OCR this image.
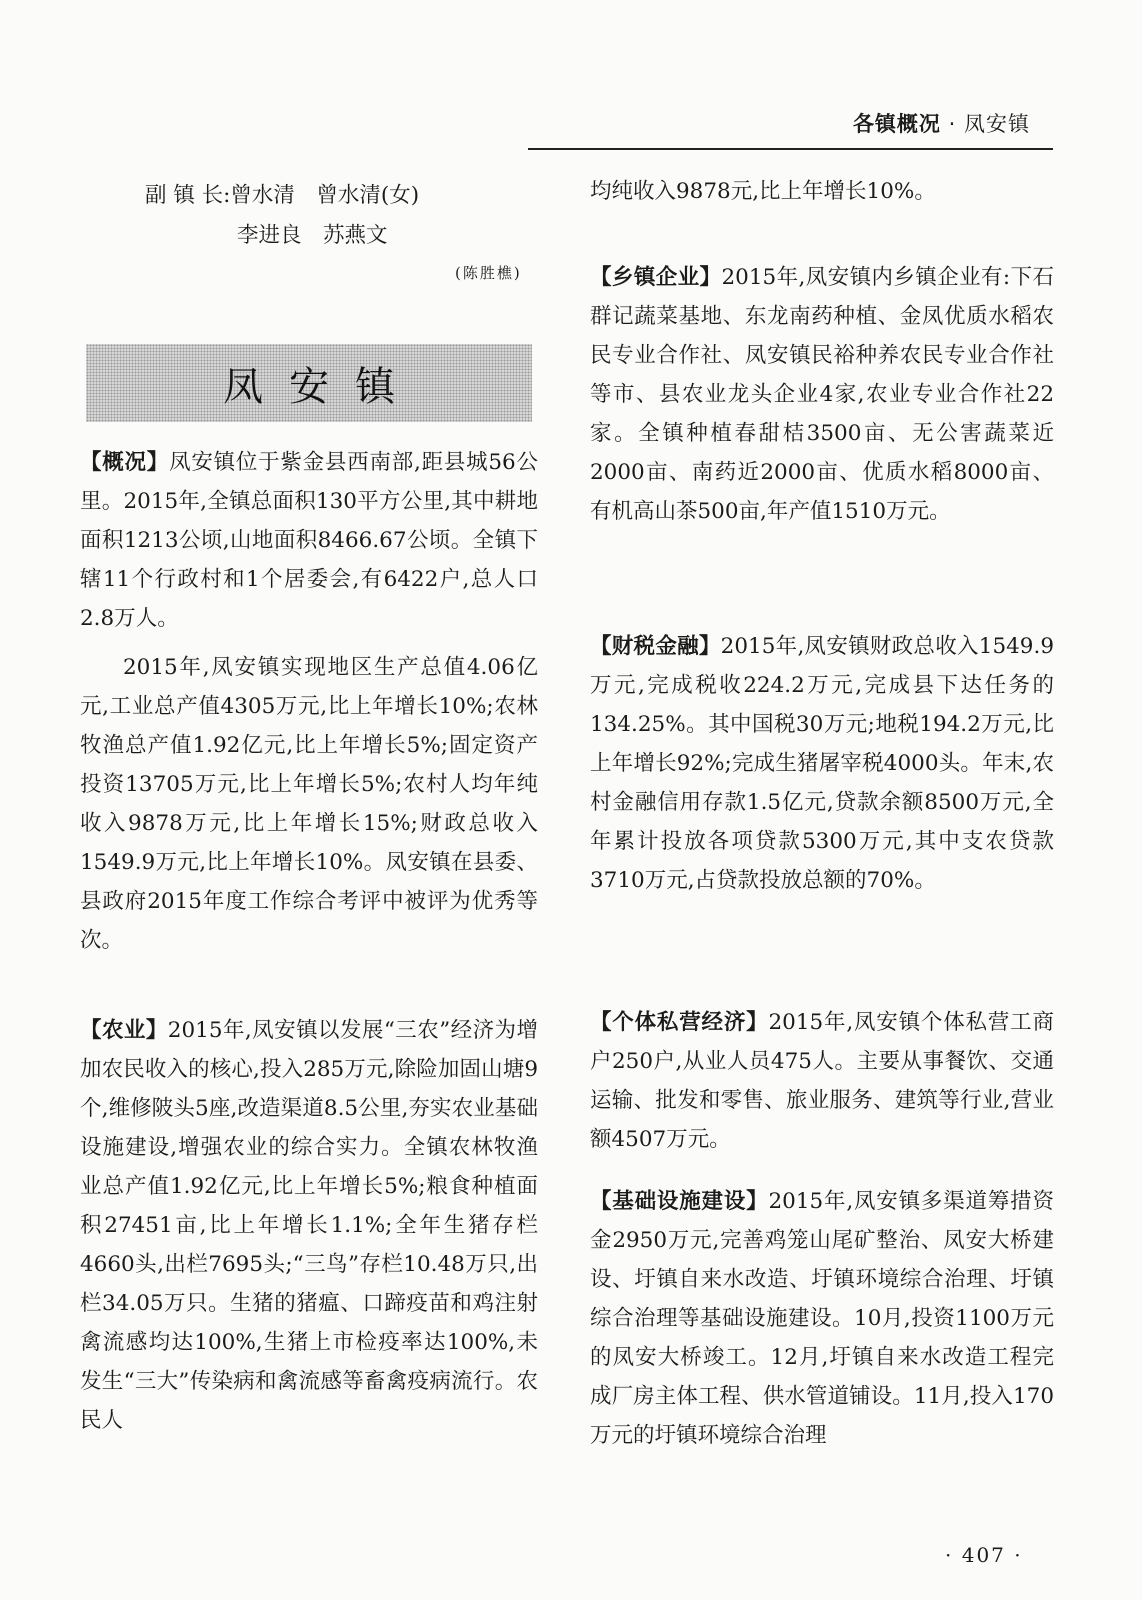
各镇概况 · 凤安镇
副 镇 长:曾水清　曾水清(女)
李进良　苏燕文
(陈胜樵)
凤安镇

【概况】凤安镇位于紫金县西南部,距县城56公里。2015年,全镇总面积130平方公里,其中耕地面积1213公顷,山地面积8466.67公顷。全镇下辖11个行政村和1个居委会,有6422户,总人口2.8万人。

2015年,凤安镇实现地区生产总值4.06亿元,工业总产值4305万元,比上年增长10%;农林牧渔总产值1.92亿元,比上年增长5%;固定资产投资13705万元,比上年增长5%;农村人均年纯收入9878万元,比上年增长15%;财政总收入1549.9万元,比上年增长10%。凤安镇在县委、县政府2015年度工作综合考评中被评为优秀等次。

【农业】2015年,凤安镇以发展“三农”经济为增加农民收入的核心,投入285万元,除险加固山塘9个,维修陂头5座,改造渠道8.5公里,夯实农业基础设施建设,增强农业的综合实力。全镇农林牧渔业总产值1.92亿元,比上年增长5%;粮食种植面积27451亩,比上年增长1.1%;全年生猪存栏4660头,出栏7695头;“三鸟”存栏10.48万只,出栏34.05万只。生猪的猪瘟、口蹄疫苗和鸡注射禽流感均达100%,生猪上市检疫率达100%,未发生“三大”传染病和禽流感等畜禽疫病流行。农民人

均纯收入9878元,比上年增长10%。

【乡镇企业】2015年,凤安镇内乡镇企业有:下石群记蔬菜基地、东龙南药种植、金凤优质水稻农民专业合作社、凤安镇民裕种养农民专业合作社等市、县农业龙头企业4家,农业专业合作社22家。全镇种植春甜桔3500亩、无公害蔬菜近2000亩、南药近2000亩、优质水稻8000亩、有机高山茶500亩,年产值1510万元。

【财税金融】2015年,凤安镇财政总收入1549.9万元,完成税收224.2万元,完成县下达任务的134.25%。其中国税30万元;地税194.2万元,比上年增长92%;完成生猪屠宰税4000头。年末,农村金融信用存款1.5亿元,贷款余额8500万元,全年累计投放各项贷款5300万元,其中支农贷款3710万元,占贷款投放总额的70%。

【个体私营经济】2015年,凤安镇个体私营工商户250户,从业人员475人。主要从事餐饮、交通运输、批发和零售、旅业服务、建筑等行业,营业额4507万元。

【基础设施建设】2015年,凤安镇多渠道筹措资金2950万元,完善鸡笼山尾矿整治、凤安大桥建设、圩镇自来水改造、圩镇环境综合治理、圩镇综合治理等基础设施建设。10月,投资1100万元的凤安大桥竣工。12月,圩镇自来水改造工程完成厂房主体工程、供水管道铺设。11月,投入170万元的圩镇环境综合治理

· 407 ·
